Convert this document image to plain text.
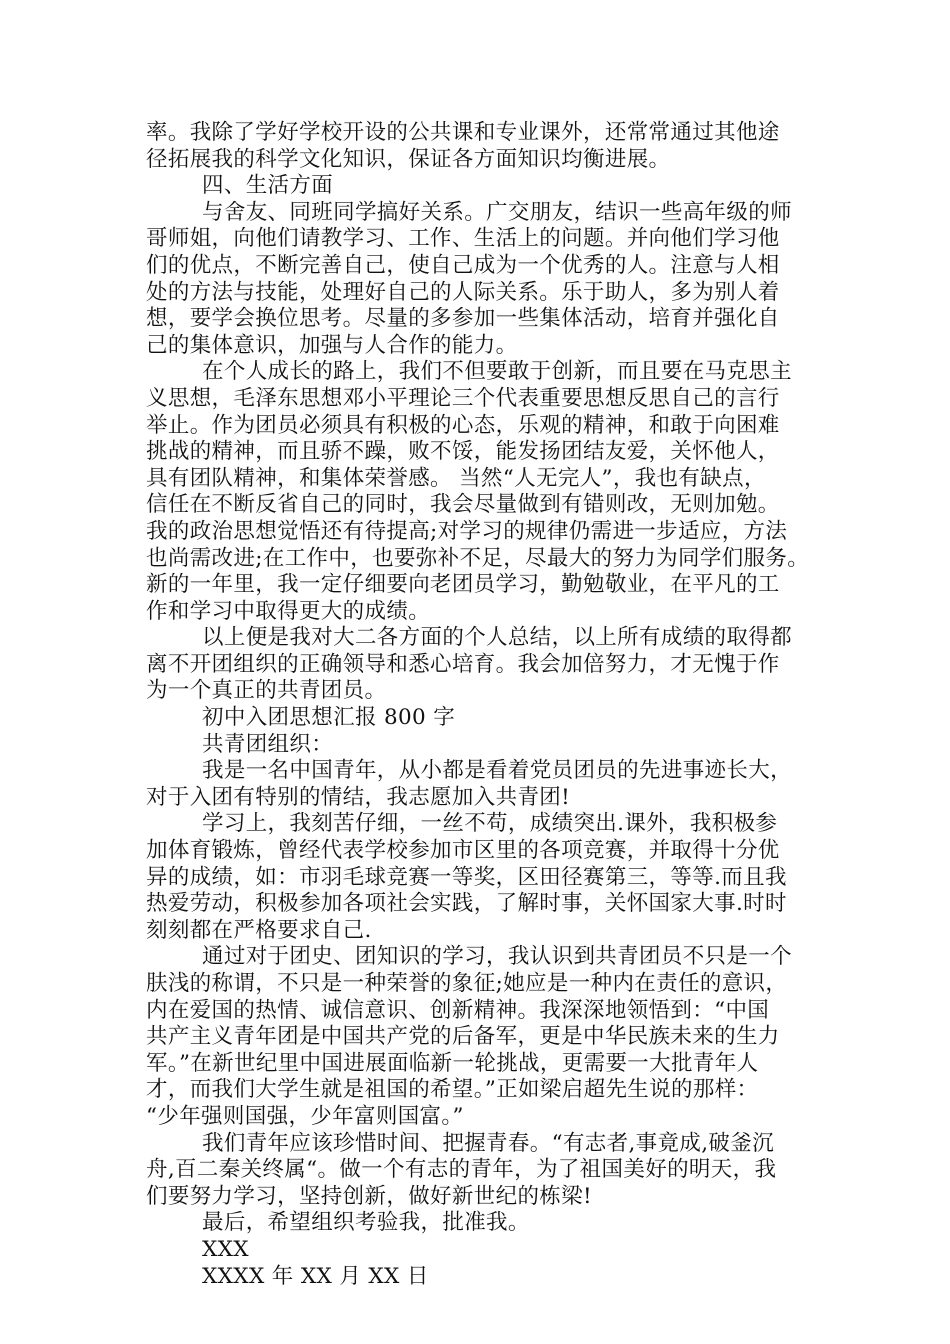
率。我除了学好学校开设的公共课和专业课外，还常常通过其他途
径拓展我的科学文化知识，保证各方面知识均衡进展。
四、生活方面
与舍友、同班同学搞好关系。广交朋友，结识一些高年级的师
哥师姐，向他们请教学习、工作、生活上的问题。并向他们学习他
们的优点，不断完善自己，使自己成为一个优秀的人。注意与人相
处的方法与技能，处理好自己的人际关系。乐于助人，多为别人着
想，要学会换位思考。尽量的多参加一些集体活动，培育并强化自
己的集体意识，加强与人合作的能力。
在个人成长的路上，我们不但要敢于创新，而且要在马克思主
义思想，毛泽东思想邓小平理论三个代表重要思想反思自己的言行
举止。作为团员必须具有积极的心态，乐观的精神，和敢于向困难
挑战的精神，而且骄不躁，败不馁，能发扬团结友爱，关怀他人，
具有团队精神，和集体荣誉感。 当然“人无完人”，我也有缺点，
信任在不断反省自己的同时，我会尽量做到有错则改，无则加勉。
我的政治思想觉悟还有待提高;对学习的规律仍需进一步适应，方法
也尚需改进;在工作中，也要弥补不足，尽最大的努力为同学们服务。
新的一年里，我一定仔细要向老团员学习，勤勉敬业，在平凡的工
作和学习中取得更大的成绩。
以上便是我对大二各方面的个人总结，以上所有成绩的取得都
离不开团组织的正确领导和悉心培育。我会加倍努力，才无愧于作
为一个真正的共青团员。
初中入团思想汇报 800 字
共青团组织：
我是一名中国青年，从小都是看着党员团员的先进事迹长大，
对于入团有特别的情结，我志愿加入共青团!
学习上，我刻苦仔细，一丝不苟，成绩突出.课外，我积极参
加体育锻炼，曾经代表学校参加市区里的各项竞赛，并取得十分优
异的成绩，如：市羽毛球竞赛一等奖，区田径赛第三，等等.而且我
热爱劳动，积极参加各项社会实践，了解时事，关怀国家大事.时时
刻刻都在严格要求自己.
通过对于团史、团知识的学习，我认识到共青团员不只是一个
肤浅的称谓，不只是一种荣誉的象征;她应是一种内在责任的意识，
内在爱国的热情、诚信意识、创新精神。我深深地领悟到：“中国
共产主义青年团是中国共产党的后备军，更是中华民族未来的生力
军。”在新世纪里中国进展面临新一轮挑战，更需要一大批青年人
才，而我们大学生就是祖国的希望。”正如梁启超先生说的那样：
“少年强则国强，少年富则国富。”
我们青年应该珍惜时间、把握青春。“有志者,事竟成,破釜沉
舟,百二秦关终属“。做一个有志的青年，为了祖国美好的明天，我
们要努力学习，坚持创新，做好新世纪的栋梁!
最后，希望组织考验我，批准我。
XXX
XXXX 年 XX 月 XX 日
